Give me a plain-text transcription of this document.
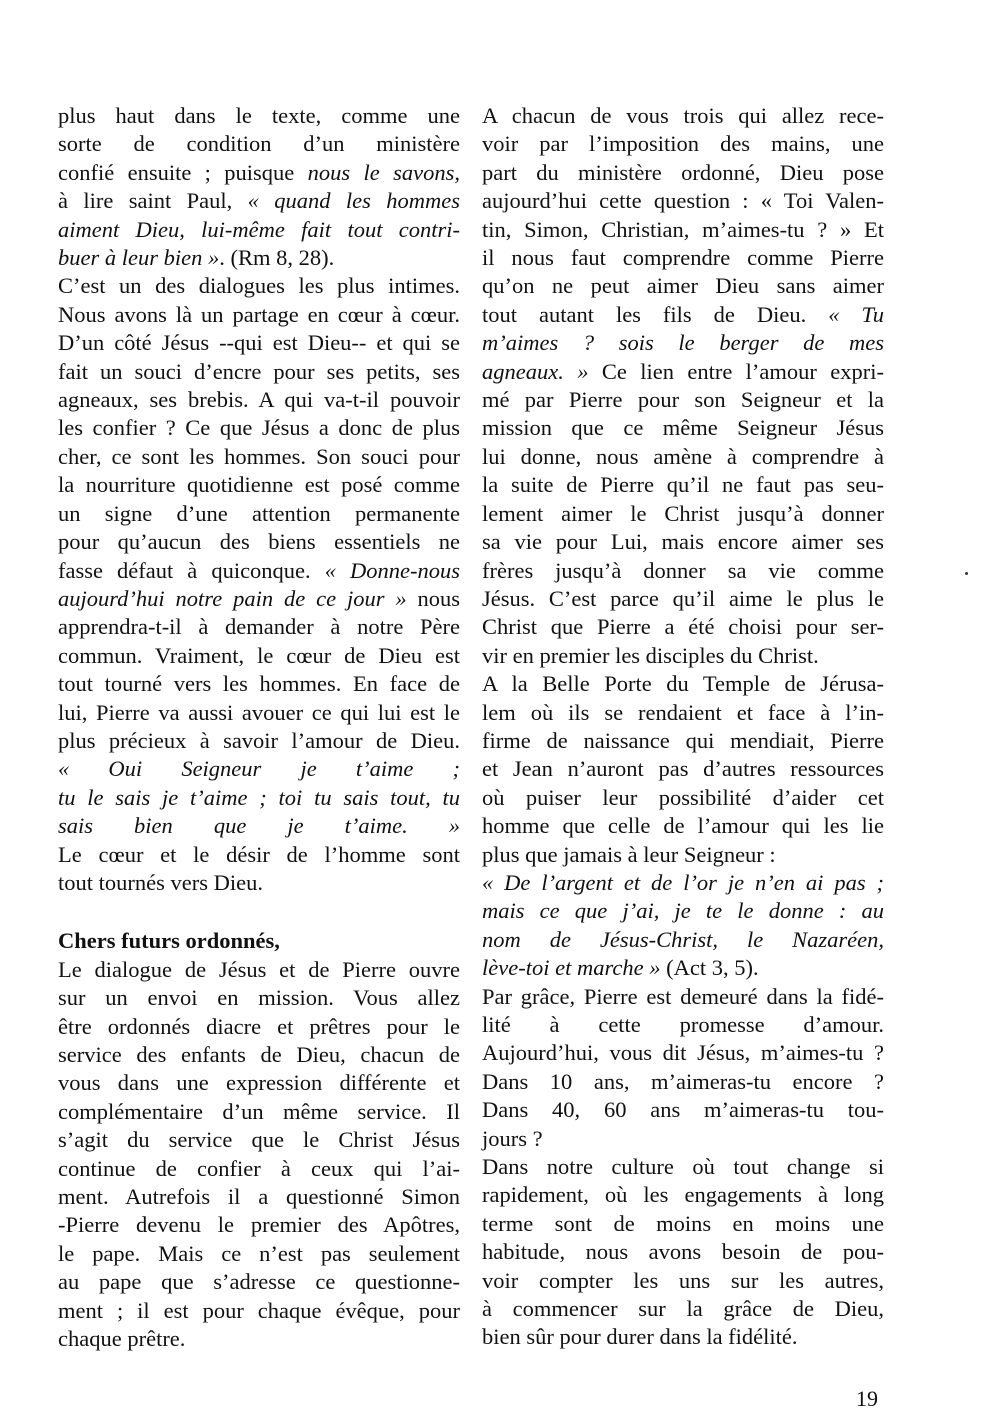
plus haut dans le texte, comme une
sorte de condition d’un ministère
confié ensuite ; puisque nous le savons,
à lire saint Paul, « quand les hommes
aiment Dieu, lui-même fait tout contri-
buer à leur bien ». (Rm 8, 28).
C’est un des dialogues les plus intimes.
Nous avons là un partage en cœur à cœur.
D’un côté Jésus --qui est Dieu-- et qui se
fait un souci d’encre pour ses petits, ses
agneaux, ses brebis. A qui va-t-il pouvoir
les confier ? Ce que Jésus a donc de plus
cher, ce sont les hommes. Son souci pour
la nourriture quotidienne est posé comme
un signe d’une attention permanente
pour qu’aucun des biens essentiels ne
fasse défaut à quiconque. « Donne-nous
aujourd’hui notre pain de ce jour » nous
apprendra-t-il à demander à notre Père
commun. Vraiment, le cœur de Dieu est
tout tourné vers les hommes. En face de
lui, Pierre va aussi avouer ce qui lui est le
plus précieux à savoir l’amour de Dieu.
« Oui Seigneur je t’aime ;
tu le sais je t’aime ; toi tu sais tout, tu
sais bien que je t’aime. »
Le cœur et le désir de l’homme sont
tout tournés vers Dieu.
Chers futurs ordonnés,
Le dialogue de Jésus et de Pierre ouvre
sur un envoi en mission. Vous allez
être ordonnés diacre et prêtres pour le
service des enfants de Dieu, chacun de
vous dans une expression différente et
complémentaire d’un même service. Il
s’agit du service que le Christ Jésus
continue de confier à ceux qui l’ai-
ment. Autrefois il a questionné Simon
-Pierre devenu le premier des Apôtres,
le pape. Mais ce n’est pas seulement
au pape que s’adresse ce questionne-
ment ; il est pour chaque évêque, pour
chaque prêtre.
A chacun de vous trois qui allez rece-
voir par l’imposition des mains, une
part du ministère ordonné, Dieu pose
aujourd’hui cette question : « Toi Valen-
tin, Simon, Christian, m’aimes-tu ? » Et
il nous faut comprendre comme Pierre
qu’on ne peut aimer Dieu sans aimer
tout autant les fils de Dieu. « Tu
m’aimes ? sois le berger de mes
agneaux. » Ce lien entre l’amour expri-
mé par Pierre pour son Seigneur et la
mission que ce même Seigneur Jésus
lui donne, nous amène à comprendre à
la suite de Pierre qu’il ne faut pas seu-
lement aimer le Christ jusqu’à donner
sa vie pour Lui, mais encore aimer ses
frères jusqu’à donner sa vie comme
Jésus. C’est parce qu’il aime le plus le
Christ que Pierre a été choisi pour ser-
vir en premier les disciples du Christ.
A la Belle Porte du Temple de Jérusa-
lem où ils se rendaient et face à l’in-
firme de naissance qui mendiait, Pierre
et Jean n’auront pas d’autres ressources
où puiser leur possibilité d’aider cet
homme que celle de l’amour qui les lie
plus que jamais à leur Seigneur :
« De l’argent et de l’or je n’en ai pas ;
mais ce que j’ai, je te le donne : au
nom de Jésus-Christ, le Nazaréen,
lève-toi et marche » (Act 3, 5).
Par grâce, Pierre est demeuré dans la fidé-
lité à cette promesse d’amour.
Aujourd’hui, vous dit Jésus, m’aimes-tu ?
Dans 10 ans, m’aimeras-tu encore ?
Dans 40, 60 ans m’aimeras-tu tou-
jours ?
Dans notre culture où tout change si
rapidement, où les engagements à long
terme sont de moins en moins une
habitude, nous avons besoin de pou-
voir compter les uns sur les autres,
à commencer sur la grâce de Dieu,
bien sûr pour durer dans la fidélité.
19
